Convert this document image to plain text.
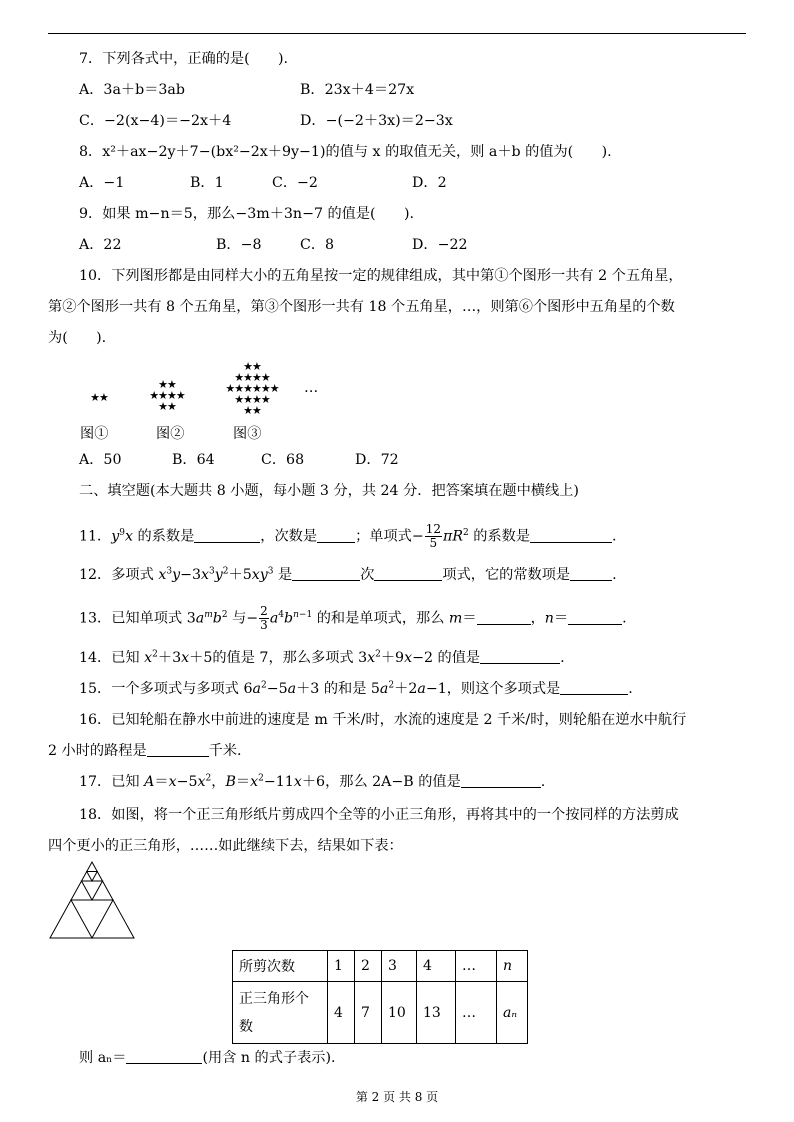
7．下列各式中，正确的是(　　).
A．3a＋b＝3ab	B．23x＋4＝27x
C．−2(x−4)＝−2x＋4	D．−(−2＋3x)＝2−3x
8．x²＋ax−2y＋7−(bx²−2x＋9y−1)的值与 x 的取值无关，则 a＋b 的值为(　　).
A．−1	B．1	C．−2	D．2
9．如果 m−n＝5，那么−3m＋3n−7 的值是(　　).
A．22	B．−8	C．8	D．−22
10．下列图形都是由同样大小的五角星按一定的规律组成，其中第①个图形一共有 2 个五角星，
第②个图形一共有 8 个五角星，第③个图形一共有 18 个五角星，…，则第⑥个图形中五角星的个数
为(　　).
★★
★★
★★★★
★★
★★
★★★★
★★★★★★
★★★★
★★
…
图①	图②	图③
A．50	B．64	C．68	D．72
二、填空题(本大题共 8 小题，每小题 3 分，共 24 分．把答案填在题中横线上)
11．$y^9x$ 的系数是	，次数是	；单项式− $\frac{12}{5} \pi R^2$ 的系数是	.
12．多项式 $x^3y-3x^3y^2+5xy^3$ 是	次	项式，它的常数项是	.
13．已知单项式 $3a^mb^2$ 与− $\frac{2}{3} a^4b^{n-1}$ 的和是单项式，那么 m＝	，n＝	.
14．已知 $x^2+3x+5$的值是 7，那么多项式 $3x^2+9x-2$ 的值是	.
15．一个多项式与多项式 $6a^2-5a+3$ 的和是 $5a^2+2a-1$，则这个多项式是	.
16．已知轮船在静水中前进的速度是 m 千米/时，水流的速度是 2 千米/时，则轮船在逆水中航行
2 小时的路程是	千米.
17．已知 $A=x-5x^2$，$B=x^2-11x+6$，那么 2A−B 的值是	.
18．如图，将一个正三角形纸片剪成四个全等的小正三角形，再将其中的一个按同样的方法剪成
四个更小的正三角形，……如此继续下去，结果如下表：
所剪次数	1	2	3	4	…	n
正三角形个
数	4	7	10	13	…	aₙ
则 aₙ＝	(用含 n 的式子表示).
第 2 页 共 8 页
